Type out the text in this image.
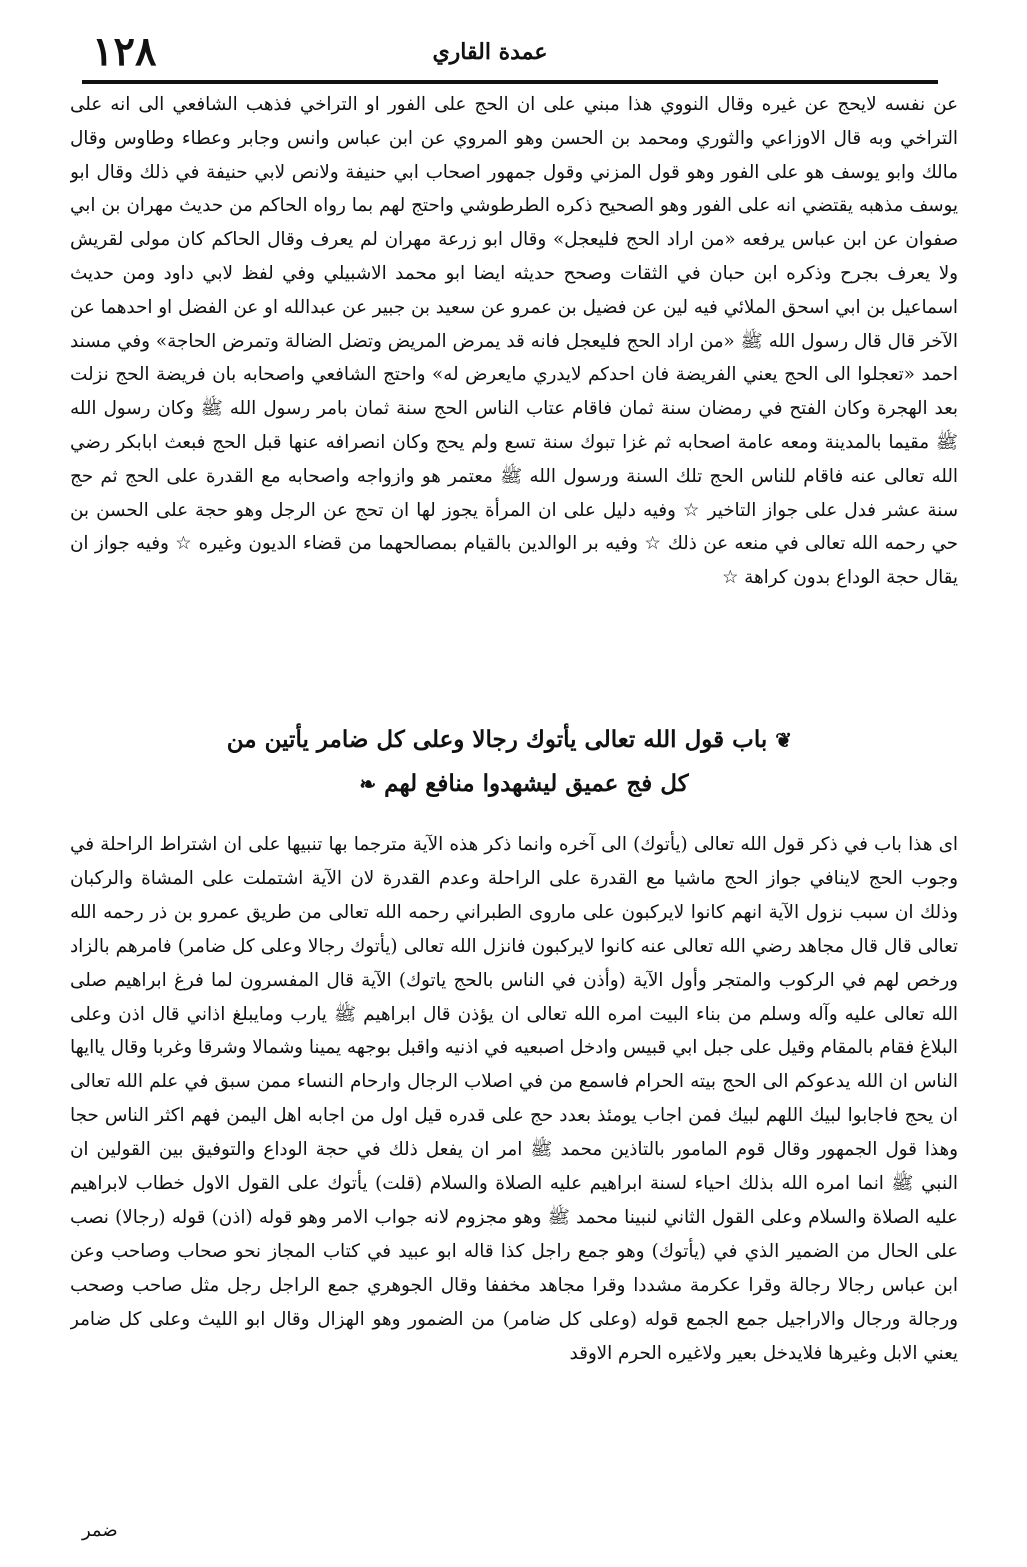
١٢٨	عمدة القاري
عن نفسه لايحج عن غيره وقال النووي هذا مبني على ان الحج على الفور او التراخي فذهب الشافعي الى انه على التراخي وبه قال الاوزاعي والثوري ومحمد بن الحسن وهو المروي عن ابن عباس وانس وجابر وعطاء وطاوس وقال مالك وابو يوسف هو على الفور وهو قول المزني وقول جمهور اصحاب ابي حنيفة ولانص لابي حنيفة في ذلك وقال ابو يوسف مذهبه يقتضي انه على الفور وهو الصحيح ذكره الطرطوشي واحتج لهم بما رواه الحاكم من حديث مهران بن ابي صفوان عن ابن عباس يرفعه «من اراد الحج فليعجل» وقال ابو زرعة مهران لم يعرف وقال الحاكم كان مولى لقريش ولا يعرف بجرح وذكره ابن حبان في الثقات وصحح حديثه ايضا ابو محمد الاشبيلي وفي لفظ لابي داود ومن حديث اسماعيل بن ابي اسحق الملائي فيه لين عن فضيل بن عمرو عن سعيد بن جبير عن عبدالله او عن الفضل او احدهما عن الآخر قال قال رسول الله ﷺ «من اراد الحج فليعجل فانه قد يمرض المريض وتضل الضالة وتمرض الحاجة» وفي مسند احمد «تعجلوا الى الحج يعني الفريضة فان احدكم لايدري مايعرض له» واحتج الشافعي واصحابه بان فريضة الحج نزلت بعد الهجرة وكان الفتح في رمضان سنة ثمان فاقام عتاب الناس الحج سنة ثمان بامر رسول الله ﷺ وكان رسول الله ﷺ مقيما بالمدينة ومعه عامة اصحابه ثم غزا تبوك سنة تسع ولم يحج وكان انصرافه عنها قبل الحج فبعث ابابكر رضي الله تعالى عنه فاقام للناس الحج تلك السنة ورسول الله ﷺ معتمر هو وازواجه واصحابه مع القدرة على الحج ثم حج سنة عشر فدل على جواز التاخير ☆ وفيه دليل على ان المرأة يجوز لها ان تحج عن الرجل وهو حجة على الحسن بن حي رحمه الله تعالى في منعه عن ذلك ☆ وفيه بر الوالدين بالقيام بمصالحهما من قضاء الديون وغيره ☆ وفيه جواز ان يقال حجة الوداع بدون كراهة ☆
❦باب قول الله تعالى يأتوك رجالا وعلى كل ضامر يأتين من
كل فج عميق ليشهدوا منافع لهم❧
اى هذا باب في ذكر قول الله تعالى (يأتوك) الى آخره وانما ذكر هذه الآية مترجما بها تنبيها على ان اشتراط الراحلة في وجوب الحج لاينافي جواز الحج ماشيا مع القدرة على الراحلة وعدم القدرة لان الآية اشتملت على المشاة والركبان وذلك ان سبب نزول الآية انهم كانوا لايركبون على ماروى الطبراني رحمه الله تعالى من طريق عمرو بن ذر رحمه الله تعالى قال قال مجاهد رضي الله تعالى عنه كانوا لايركبون فانزل الله تعالى (يأتوك رجالا وعلى كل ضامر) فامرهم بالزاد ورخص لهم في الركوب والمتجر وأول الآية (وأذن في الناس بالحج ياتوك) الآية قال المفسرون لما فرغ ابراهيم صلى الله تعالى عليه وآله وسلم من بناء البيت امره الله تعالى ان يؤذن قال ابراهيم ﷺ يارب ومايبلغ اذاني قال اذن وعلى البلاغ فقام بالمقام وقيل على جبل ابي قبيس وادخل اصبعيه في اذنيه واقبل بوجهه يمينا وشمالا وشرقا وغربا وقال ياايها الناس ان الله يدعوكم الى الحج بيته الحرام فاسمع من في اصلاب الرجال وارحام النساء ممن سبق في علم الله تعالى ان يحج فاجابوا لبيك اللهم لبيك فمن اجاب يومئذ بعدد حج على قدره قيل اول من اجابه اهل اليمن فهم اكثر الناس حجا وهذا قول الجمهور وقال قوم المامور بالتاذين محمد ﷺ امر ان يفعل ذلك في حجة الوداع والتوفيق بين القولين ان النبي ﷺ انما امره الله بذلك احياء لسنة ابراهيم عليه الصلاة والسلام (قلت) يأتوك على القول الاول خطاب لابراهيم عليه الصلاة والسلام وعلى القول الثاني لنبينا محمد ﷺ وهو مجزوم لانه جواب الامر وهو قوله (اذن) قوله (رجالا) نصب على الحال من الضمير الذي في (يأتوك) وهو جمع راجل كذا قاله ابو عبيد في كتاب المجاز نحو صحاب وصاحب وعن ابن عباس رجالا رجالة وقرا عكرمة مشددا وقرا مجاهد مخففا وقال الجوهري جمع الراجل رجل مثل صاحب وصحب ورجالة ورجال والاراجيل جمع الجمع قوله (وعلى كل ضامر) من الضمور وهو الهزال وقال ابو الليث وعلى كل ضامر يعني الابل وغيرها فلايدخل بعير ولاغيره الحرم الاوقد
ضمر
